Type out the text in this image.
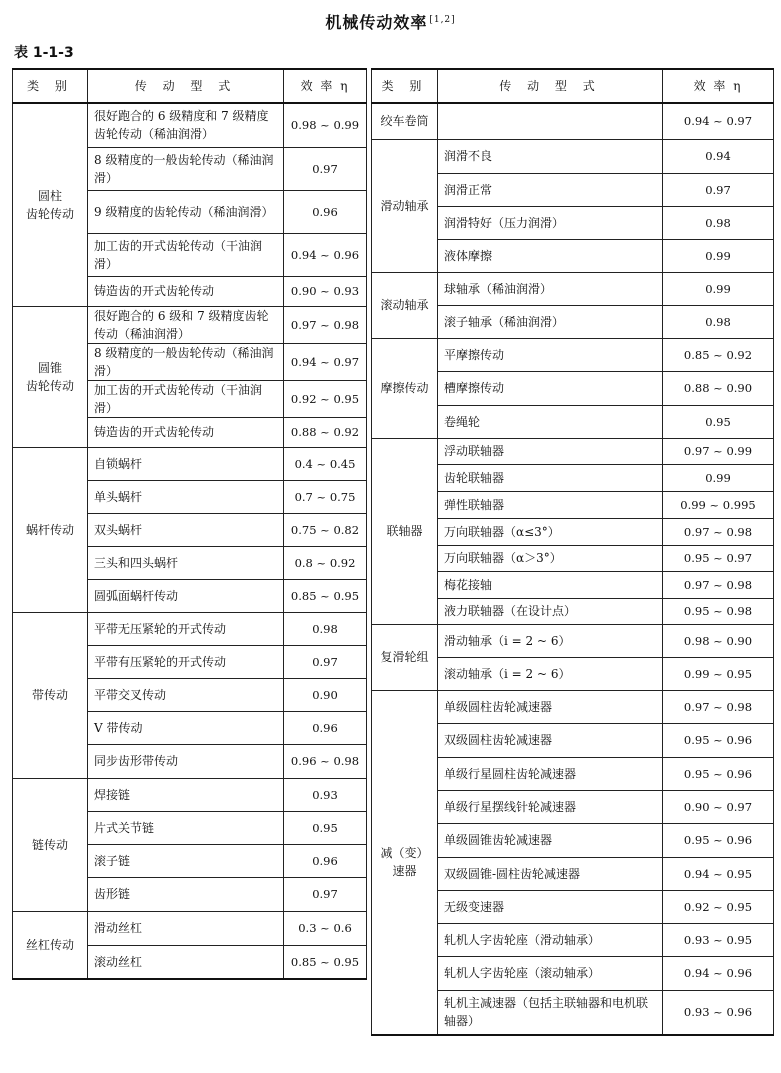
机械传动效率 [1,2]
表 1-1-3
类 别	传 动 型 式	效 率 η
圆柱
齿轮传动	很好跑合的 6 级精度和 7 级精度齿轮传动（稀油润滑）	0.98 ~ 0.99
	8 级精度的一般齿轮传动（稀油润滑）	0.97
	9 级精度的齿轮传动（稀油润滑）	0.96
	加工齿的开式齿轮传动（干油润滑）	0.94 ~ 0.96
	铸造齿的开式齿轮传动	0.90 ~ 0.93
圆锥
齿轮传动	很好跑合的 6 级和 7 级精度齿轮传动（稀油润滑）	0.97 ~ 0.98
	8 级精度的一般齿轮传动（稀油润滑）	0.94 ~ 0.97
	加工齿的开式齿轮传动（干油润滑）	0.92 ~ 0.95
	铸造齿的开式齿轮传动	0.88 ~ 0.92
蜗杆传动	自锁蜗杆	0.4 ~ 0.45
	单头蜗杆	0.7 ~ 0.75
	双头蜗杆	0.75 ~ 0.82
	三头和四头蜗杆	0.8 ~ 0.92
	圆弧面蜗杆传动	0.85 ~ 0.95
带传动	平带无压紧轮的开式传动	0.98
	平带有压紧轮的开式传动	0.97
	平带交叉传动	0.90
	V 带传动	0.96
	同步齿形带传动	0.96 ~ 0.98
链传动	焊接链	0.93
	片式关节链	0.95
	滚子链	0.96
	齿形链	0.97
丝杠传动	滑动丝杠	0.3 ~ 0.6
	滚动丝杠	0.85 ~ 0.95
类 别	传 动 型 式	效 率 η
绞车卷筒		0.94 ~ 0.97
滑动轴承	润滑不良	0.94
	润滑正常	0.97
	润滑特好（压力润滑）	0.98
	液体摩擦	0.99
滚动轴承	球轴承（稀油润滑）	0.99
	滚子轴承（稀油润滑）	0.98
摩擦传动	平摩擦传动	0.85 ~ 0.92
	槽摩擦传动	0.88 ~ 0.90
	卷绳轮	0.95
联轴器	浮动联轴器	0.97 ~ 0.99
	齿轮联轴器	0.99
	弹性联轴器	0.99 ~ 0.995
	万向联轴器（α≤3°）	0.97 ~ 0.98
	万向联轴器（α＞3°）	0.95 ~ 0.97
	梅花接轴	0.97 ~ 0.98
	液力联轴器（在设计点）	0.95 ~ 0.98
复滑轮组	滑动轴承（i = 2 ~ 6）	0.98 ~ 0.90
	滚动轴承（i = 2 ~ 6）	0.99 ~ 0.95
减（变）
速器	单级圆柱齿轮减速器	0.97 ~ 0.98
	双级圆柱齿轮减速器	0.95 ~ 0.96
	单级行星圆柱齿轮减速器	0.95 ~ 0.96
	单级行星摆线针轮减速器	0.90 ~ 0.97
	单级圆锥齿轮减速器	0.95 ~ 0.96
	双级圆锥-圆柱齿轮减速器	0.94 ~ 0.95
	无级变速器	0.92 ~ 0.95
	轧机人字齿轮座（滑动轴承）	0.93 ~ 0.95
	轧机人字齿轮座（滚动轴承）	0.94 ~ 0.96
	轧机主减速器（包括主联轴器和电机联轴器）	0.93 ~ 0.96
